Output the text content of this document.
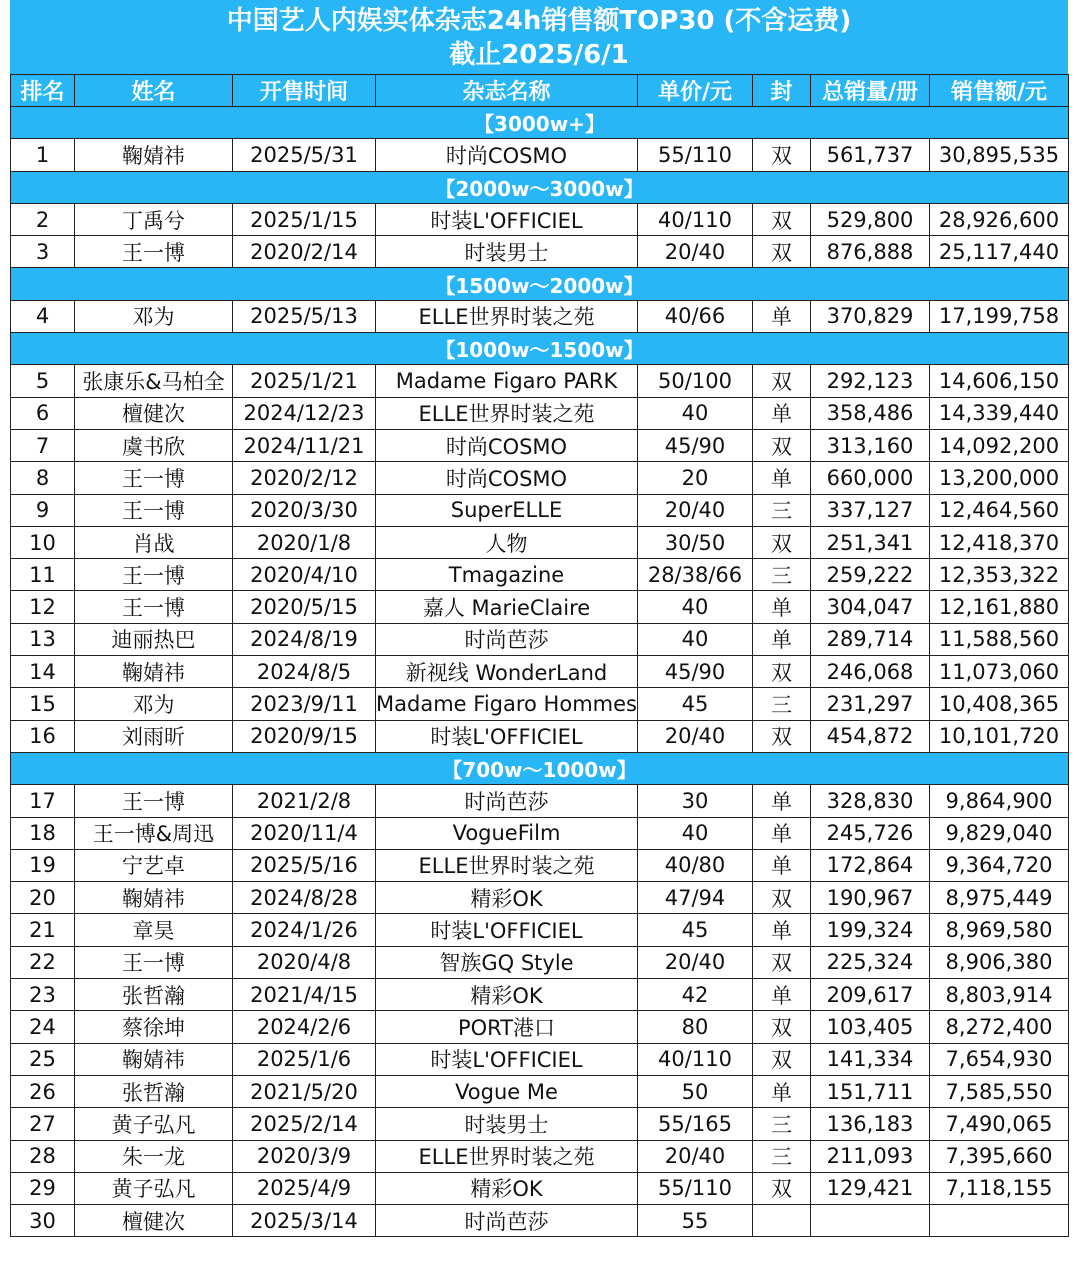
中国艺人内娱实体杂志24h销售额TOP30 (不含运费)
截止2025/6/1
排名	姓名	开售时间	杂志名称	单价/元	封	总销量/册	销售额/元
【3000w+】							
1	鞠婧祎	2025/5/31	时尚COSMO	55/110	双	561,737	30,895,535
【2000w～3000w】							
2	丁禹兮	2025/1/15	时装L'OFFICIEL	40/110	双	529,800	28,926,600
3	王一博	2020/2/14	时装男士	20/40	双	876,888	25,117,440
【1500w～2000w】							
4	邓为	2025/5/13	ELLE世界时装之苑	40/66	单	370,829	17,199,758
【1000w～1500w】							
5	张康乐&马柏全	2025/1/21	Madame Figaro PARK	50/100	双	292,123	14,606,150
6	檀健次	2024/12/23	ELLE世界时装之苑	40	单	358,486	14,339,440
7	虞书欣	2024/11/21	时尚COSMO	45/90	双	313,160	14,092,200
8	王一博	2020/2/12	时尚COSMO	20	单	660,000	13,200,000
9	王一博	2020/3/30	SuperELLE	20/40	三	337,127	12,464,560
10	肖战	2020/1/8	人物	30/50	双	251,341	12,418,370
11	王一博	2020/4/10	Tmagazine	28/38/66	三	259,222	12,353,322
12	王一博	2020/5/15	嘉人 MarieClaire	40	单	304,047	12,161,880
13	迪丽热巴	2024/8/19	时尚芭莎	40	单	289,714	11,588,560
14	鞠婧祎	2024/8/5	新视线 WonderLand	45/90	双	246,068	11,073,060
15	邓为	2023/9/11	Madame Figaro Hommes	45	三	231,297	10,408,365
16	刘雨昕	2020/9/15	时装L'OFFICIEL	20/40	双	454,872	10,101,720
【700w～1000w】							
17	王一博	2021/2/8	时尚芭莎	30	单	328,830	9,864,900
18	王一博&周迅	2020/11/4	VogueFilm	40	单	245,726	9,829,040
19	宁艺卓	2025/5/16	ELLE世界时装之苑	40/80	单	172,864	9,364,720
20	鞠婧祎	2024/8/28	精彩OK	47/94	双	190,967	8,975,449
21	章昊	2024/1/26	时装L'OFFICIEL	45	单	199,324	8,969,580
22	王一博	2020/4/8	智族GQ Style	20/40	双	225,324	8,906,380
23	张哲瀚	2021/4/15	精彩OK	42	单	209,617	8,803,914
24	蔡徐坤	2024/2/6	PORT港口	80	双	103,405	8,272,400
25	鞠婧祎	2025/1/6	时装L'OFFICIEL	40/110	双	141,334	7,654,930
26	张哲瀚	2021/5/20	Vogue Me	50	单	151,711	7,585,550
27	黄子弘凡	2025/2/14	时装男士	55/165	三	136,183	7,490,065
28	朱一龙	2020/3/9	ELLE世界时装之苑	20/40	三	211,093	7,395,660
29	黄子弘凡	2025/4/9	精彩OK	55/110	双	129,421	7,118,155
30	檀健次	2025/3/14	时尚芭莎	55			
